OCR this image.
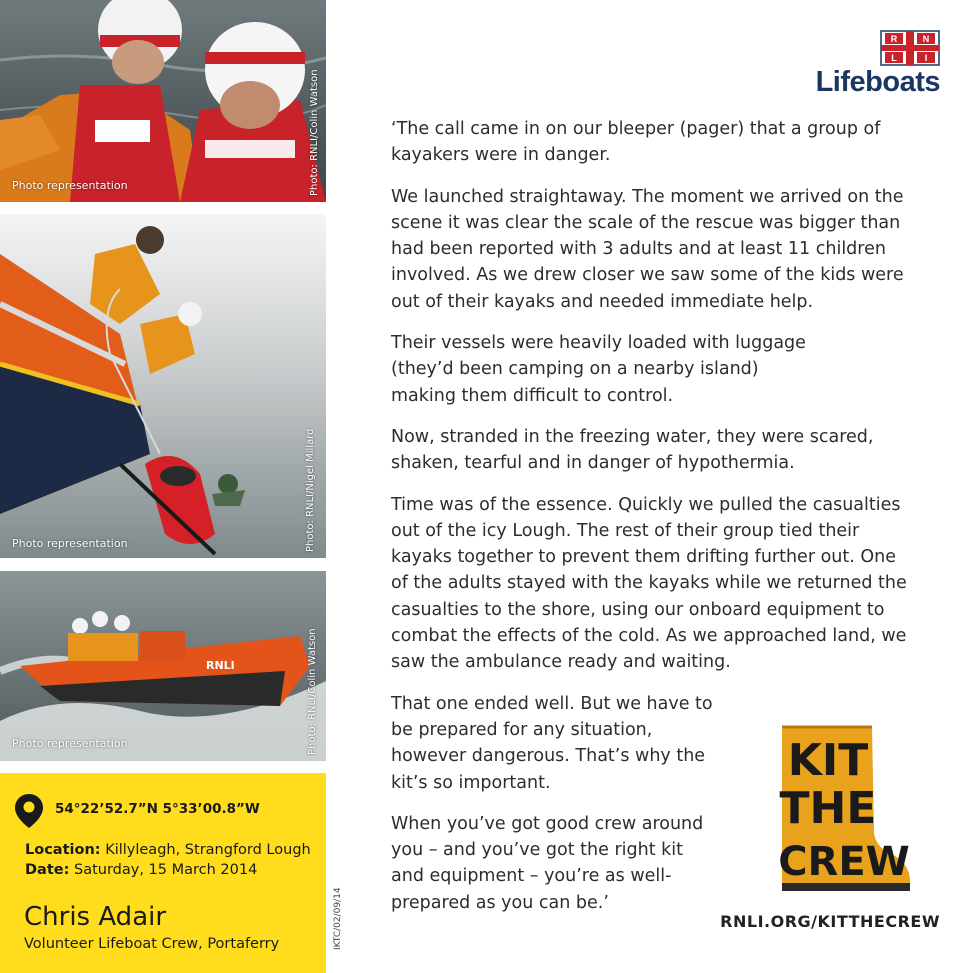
Photo representation	Photo: RNLI/Colin Watson
Photo representation	Photo: RNLI/Nigel Millard
RNLI
Photo representation	Photo: RNLI/Colin Watson
54°22’52.7”N 5°33’00.8”W
Location: Killyleagh, Strangford Lough
Date: Saturday, 15 March 2014
Chris Adair
Volunteer Lifeboat Crew, Portaferry	IKTC/02/09/14
R	N
L	I
Lifeboats

‘The call came in on our bleeper (pager) that a group of kayakers were in danger.

We launched straightaway. The moment we arrived on the scene it was clear the scale of the rescue was bigger than had been reported with 3 adults and at least 11 children involved. As we drew closer we saw some of the kids were out of their kayaks and needed immediate help.

Their vessels were heavily loaded with luggage (they’d been camping on a nearby island) making them difficult to control.

Now, stranded in the freezing water, they were scared, shaken, tearful and in danger of hypothermia.

Time was of the essence. Quickly we pulled the casualties out of the icy Lough. The rest of their group tied their kayaks together to prevent them drifting further out. One of the adults stayed with the kayaks while we returned the casualties to the shore, using our onboard equipment to combat the effects of the cold. As we approached land, we saw the ambulance ready and waiting.

That one ended well. But we have to be prepared for any situation, however dangerous. That’s why the kit’s so important.

When you’ve got good crew around you – and you’ve got the right kit and equipment – you’re as well-prepared as you can be.’

KIT
THE
CREW
RNLI.ORG/KITTHECREW
